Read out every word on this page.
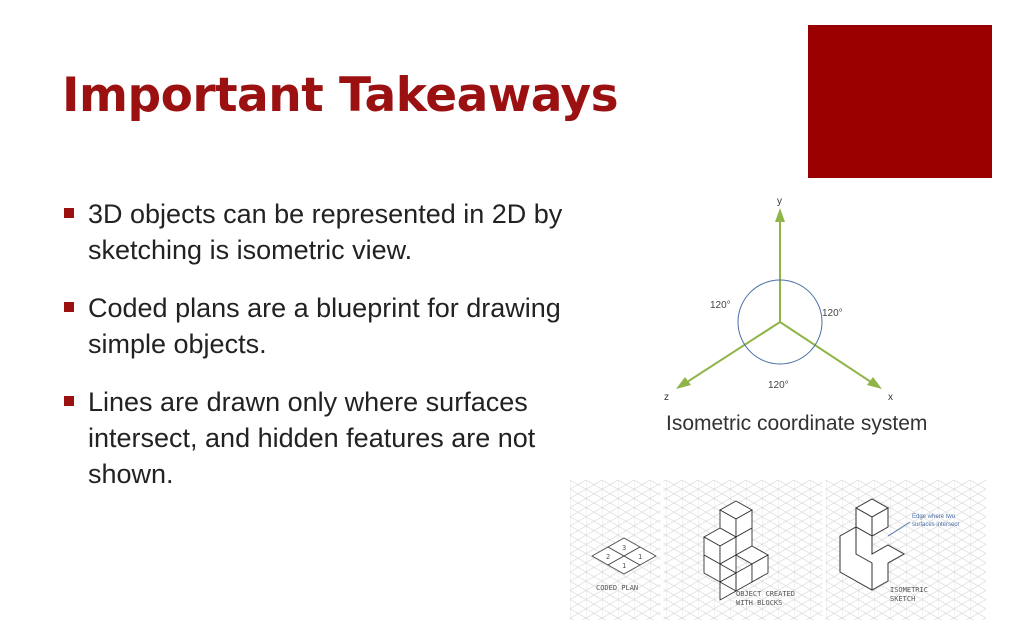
Important Takeaways
3D objects can be represented in 2D by sketching is isometric view.
Coded plans are a blueprint for drawing simple objects.
Lines are drawn only where surfaces intersect, and hidden features are not shown.
y
x
z
120°
120°
120°

Isometric coordinate system

2
3
1
1
CODED PLAN
OBJECT CREATED
WITH BLOCKS
Edge where two
surfaces intersect
ISOMETRIC
SKETCH
